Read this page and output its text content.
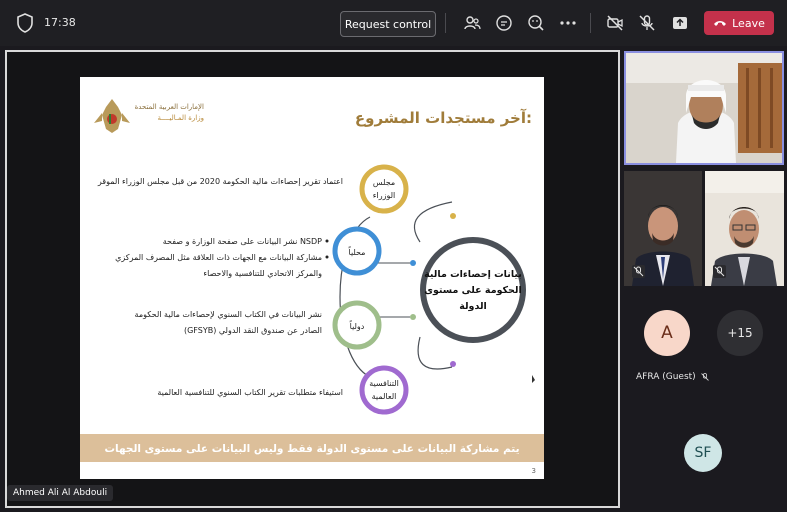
17:38	Request control	Leave
الإمارات العربية المتحدة
وزارة المـاليــــة	آخر مستجدات المشروع:
بيانات إحصاءات مالية
الحكومة على مستوى
الدولة
مجلس
الوزراء
محلياً
دولياً
التنافسية
العالمية
اعتماد تقرير إحصاءات مالية الحكومة 2020 من قبل مجلس الوزراء الموقر
نشر البيانات على صفحة الوزارة و صفحة NSDP
مشاركة البيانات مع الجهات ذات العلاقة مثل المصرف المركزي
والمركز الاتحادي للتنافسية والاحصاء
نشر البيانات في الكتاب السنوي لإحصاءات مالية الحكومة
(GFSYB) الصادر عن صندوق النقد الدولي
استيفاء متطلبات تقرير الكتاب السنوي للتنافسية العالمية
يتم مشاركة البيانات على مستوى الدولة فقط وليس البيانات على مستوى الجهات
3
Ahmed Ali Al Abdouli
A
AFRA (Guest)
+15
SF
